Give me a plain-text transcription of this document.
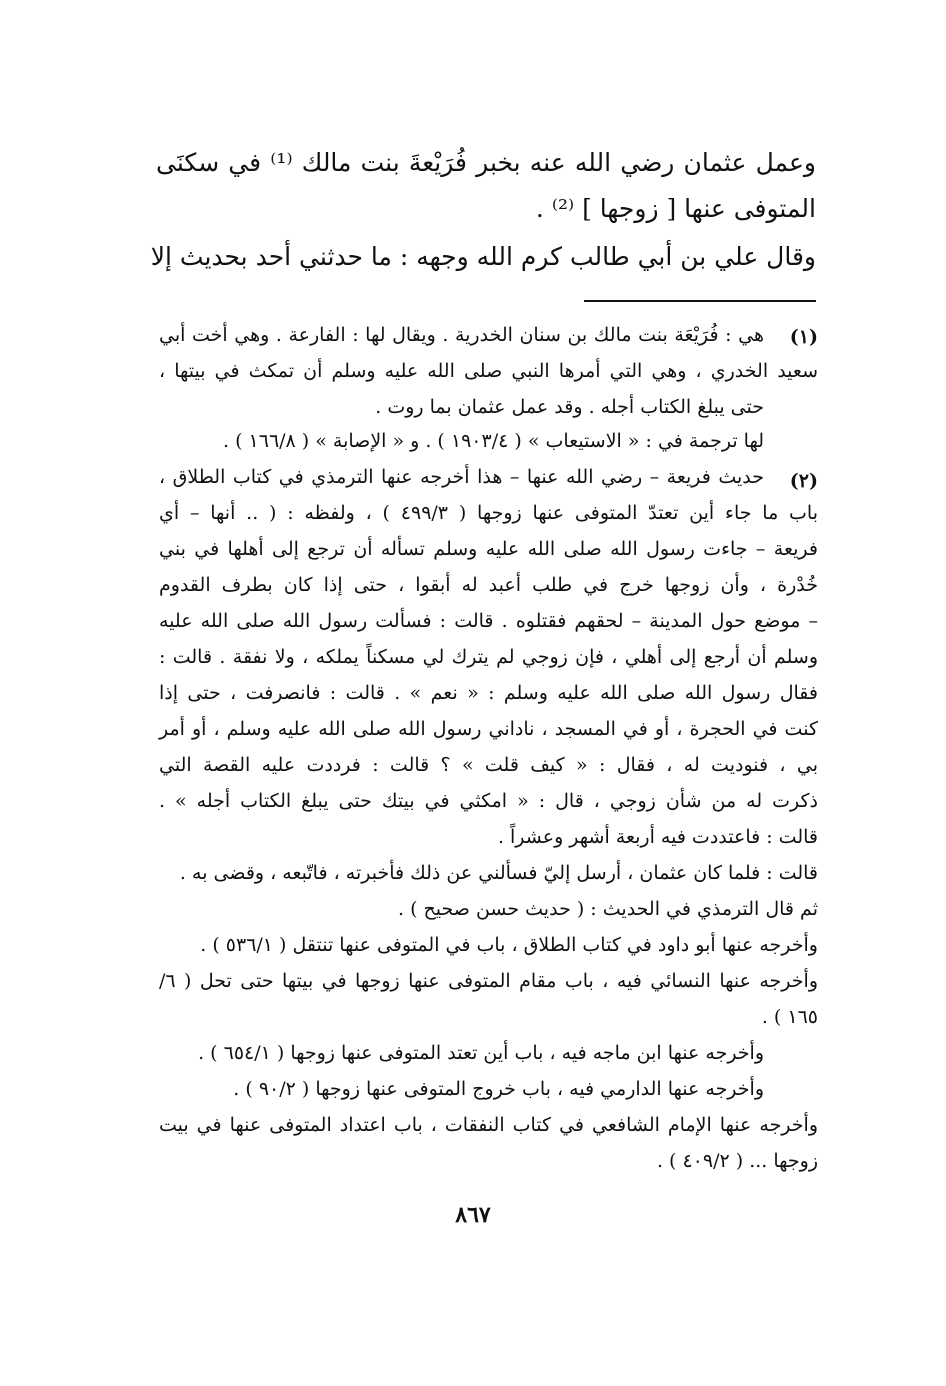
وعمل عثمان رضي الله عنه بخبر فُرَيْعةَ بنت مالك ⁽¹⁾ في سكنَى
المتوفى عنها [ زوجها ] ⁽²⁾ .
وقال علي بن أبي طالب كرم الله وجهه : ما حدثني أحد بحديث إلا
(١)
هي : فُرَيْعَة بنت مالك بن سنان الخدرية . ويقال لها : الفارعة . وهي أخت أبي
سعيد الخدري ، وهي التي أمرها النبي صلى الله عليه وسلم أن تمكث في بيتها ،
حتى يبلغ الكتاب أجله . وقد عمل عثمان بما روت .
لها ترجمة في : « الاستيعاب » ( ١٩٠٣/٤ ) . و « الإصابة » ( ١٦٦/٨ ) .
(٢)
حديث فريعة – رضي الله عنها – هذا أخرجه عنها الترمذي في كتاب الطلاق ،
باب ما جاء أين تعتدّ المتوفى عنها زوجها ( ٤٩٩/٣ ) ، ولفظه : ( .. أنها – أي
فريعة – جاءت رسول الله صلى الله عليه وسلم تسأله أن ترجع إلى أهلها في بني
خُدْرة ، وأن زوجها خرج في طلب أعبد له أبقوا ، حتى إذا كان بطرف القدوم
– موضع حول المدينة – لحقهم فقتلوه . قالت : فسألت رسول الله صلى الله عليه
وسلم أن أرجع إلى أهلي ، فإن زوجي لم يترك لي مسكناً يملكه ، ولا نفقة . قالت :
فقال رسول الله صلى الله عليه وسلم : « نعم » . قالت : فانصرفت ، حتى إذا
كنت في الحجرة ، أو في المسجد ، ناداني رسول الله صلى الله عليه وسلم ، أو أمر
بي ، فنوديت له ، فقال : « كيف قلت » ؟ قالت : فرددت عليه القصة التي
ذكرت له من شأن زوجي ، قال : « امكثي في بيتك حتى يبلغ الكتاب أجله » .
قالت : فاعتددت فيه أربعة أشهر وعشراً .
قالت : فلما كان عثمان ، أرسل إليّ فسألني عن ذلك فأخبرته ، فاتّبعه ، وقضى به .
ثم قال الترمذي في الحديث : ( حديث حسن صحيح ) .
وأخرجه عنها أبو داود في كتاب الطلاق ، باب في المتوفى عنها تنتقل ( ٥٣٦/١ ) .
وأخرجه عنها النسائي فيه ، باب مقام المتوفى عنها زوجها في بيتها حتى تحل ( ٦/
١٦٥ ) .
وأخرجه عنها ابن ماجه فيه ، باب أين تعتد المتوفى عنها زوجها ( ٦٥٤/١ ) .
وأخرجه عنها الدارمي فيه ، باب خروج المتوفى عنها زوجها ( ٩٠/٢ ) .
وأخرجه عنها الإمام الشافعي في كتاب النفقات ، باب اعتداد المتوفى عنها في بيت
زوجها ... ( ٤٠٩/٢ ) .
٨٦٧
